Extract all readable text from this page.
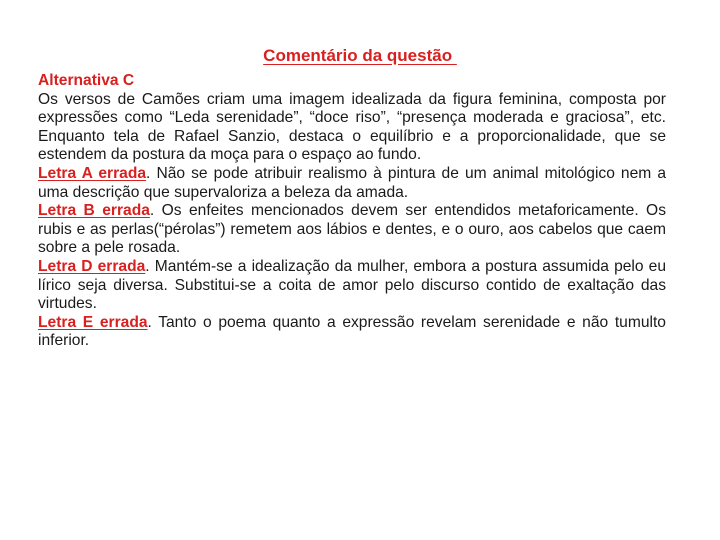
Comentário da questão
Alternativa C

Os versos de Camões criam uma imagem idealizada da figura feminina, composta por expressões como “Leda serenidade”, “doce riso”, “presença moderada e graciosa”, etc. Enquanto tela de Rafael Sanzio, destaca o equilíbrio e a proporcionalidade, que se estendem da postura da moça para o espaço ao fundo.

Letra A errada. Não se pode atribuir realismo à pintura de um animal mitológico nem a uma descrição que supervaloriza a beleza da amada.

Letra B errada. Os enfeites mencionados devem ser entendidos metaforicamente. Os rubis e as perlas(“pérolas”) remetem aos lábios e dentes, e o ouro, aos cabelos que caem sobre a pele rosada.

Letra D errada. Mantém-se a idealização da mulher, embora a postura assumida pelo eu lírico seja diversa. Substitui-se a coita de amor pelo discurso contido de exaltação das virtudes.

Letra E errada. Tanto o poema quanto a expressão revelam serenidade e não tumulto inferior.
